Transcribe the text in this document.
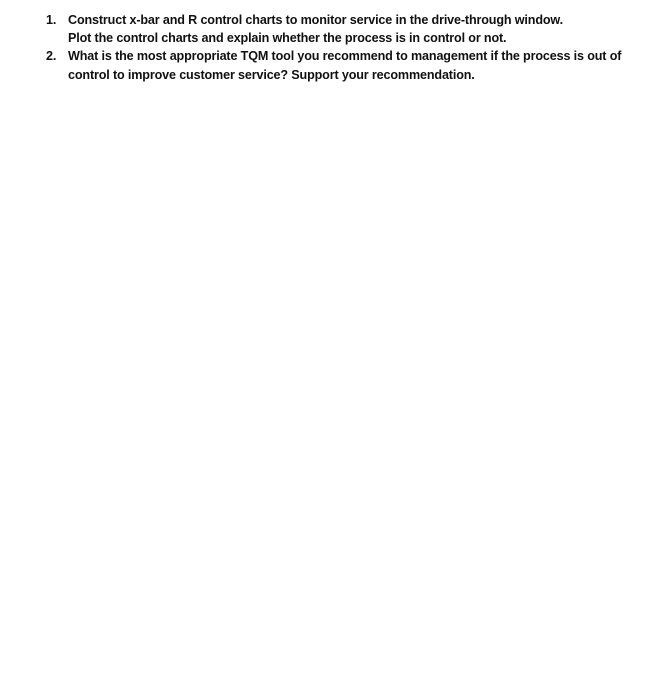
1. Construct x-bar and R control charts to monitor service in the drive-through window.
Plot the control charts and explain whether the process is in control or not.
2. What is the most appropriate TQM tool you recommend to management if the process is out of
control to improve customer service? Support your recommendation.
